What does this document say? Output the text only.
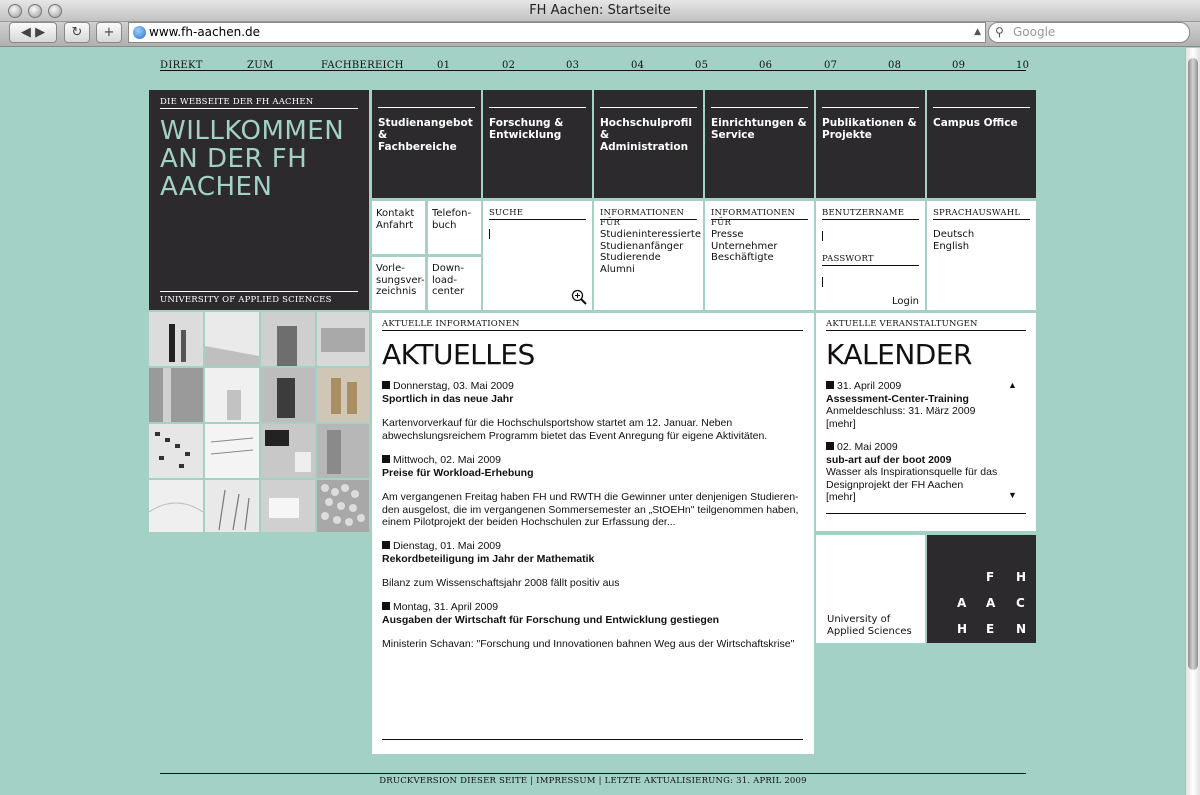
FH Aachen: Startseite
◀ ▶	↻	+	www.fh-aachen.de	▲ ⚲ Google
DIREKT	ZUM	FACHBEREICH	01	02	03	04	05	06	07	08	09	10
DIE WEBSEITE DER FH AACHEN
WILLKOMMEN
AN DER FH
AACHEN
UNIVERSITY OF APPLIED SCIENCES
Studienangebot &
Fachbereiche
Forschung &
Entwicklung
Hochschulprofil &
Administration
Einrichtungen &
Service
Publikationen &
Projekte
Campus Office
Kontakt
Anfahrt
Telefon-
buch
Vorle-
sungsver-
zeichnis
Down-
load-
center
SUCHE	INFORMATIONEN FÜR
Studieninteressierte
Studienanfänger
Studierende
Alumni
INFORMATIONEN FÜR
Presse
Unternehmer
Beschäftigte
BENUTZERNAME
PASSWORT
Login
SPRACHAUSWAHL
Deutsch
English
AKTUELLE INFORMATIONEN
AKTUELLES
Donnerstag, 03. Mai 2009
Sportlich in das neue Jahr
Kartenvorverkauf für die Hochschulsportshow startet am 12. Januar. Neben
abwechslungsreichem Programm bietet das Event Anregung für eigene Aktivitäten.
Mittwoch, 02. Mai 2009
Preise für Workload-Erhebung
Am vergangenen Freitag haben FH und RWTH die Gewinner unter denjenigen Studieren-
den ausgelost, die im vergangenen Sommersemester an „StOEHn" teilgenommen haben,
einem Pilotprojekt der beiden Hochschulen zur Erfassung der...
Dienstag, 01. Mai 2009
Rekordbeteiligung im Jahr der Mathematik
Bilanz zum Wissenschaftsjahr 2008 fällt positiv aus
Montag, 31. April 2009
Ausgaben der Wirtschaft für Forschung und Entwicklung gestiegen
Ministerin Schavan: "Forschung und Innovationen bahnen Weg aus der Wirtschaftskrise"
AKTUELLE VERANSTALTUNGEN
KALENDER
▲
31. April 2009
Assessment-Center-Training
Anmeldeschluss: 31. März 2009
[mehr]
02. Mai 2009
sub-art auf der boot 2009
Wasser als Inspirationsquelle für das
Designprojekt der FH Aachen
[mehr]	▼
University of
Applied Sciences
F H
A A C
H E N
DRUCKVERSION DIESER SEITE | IMPRESSUM | LETZTE AKTUALISIERUNG: 31. APRIL 2009
